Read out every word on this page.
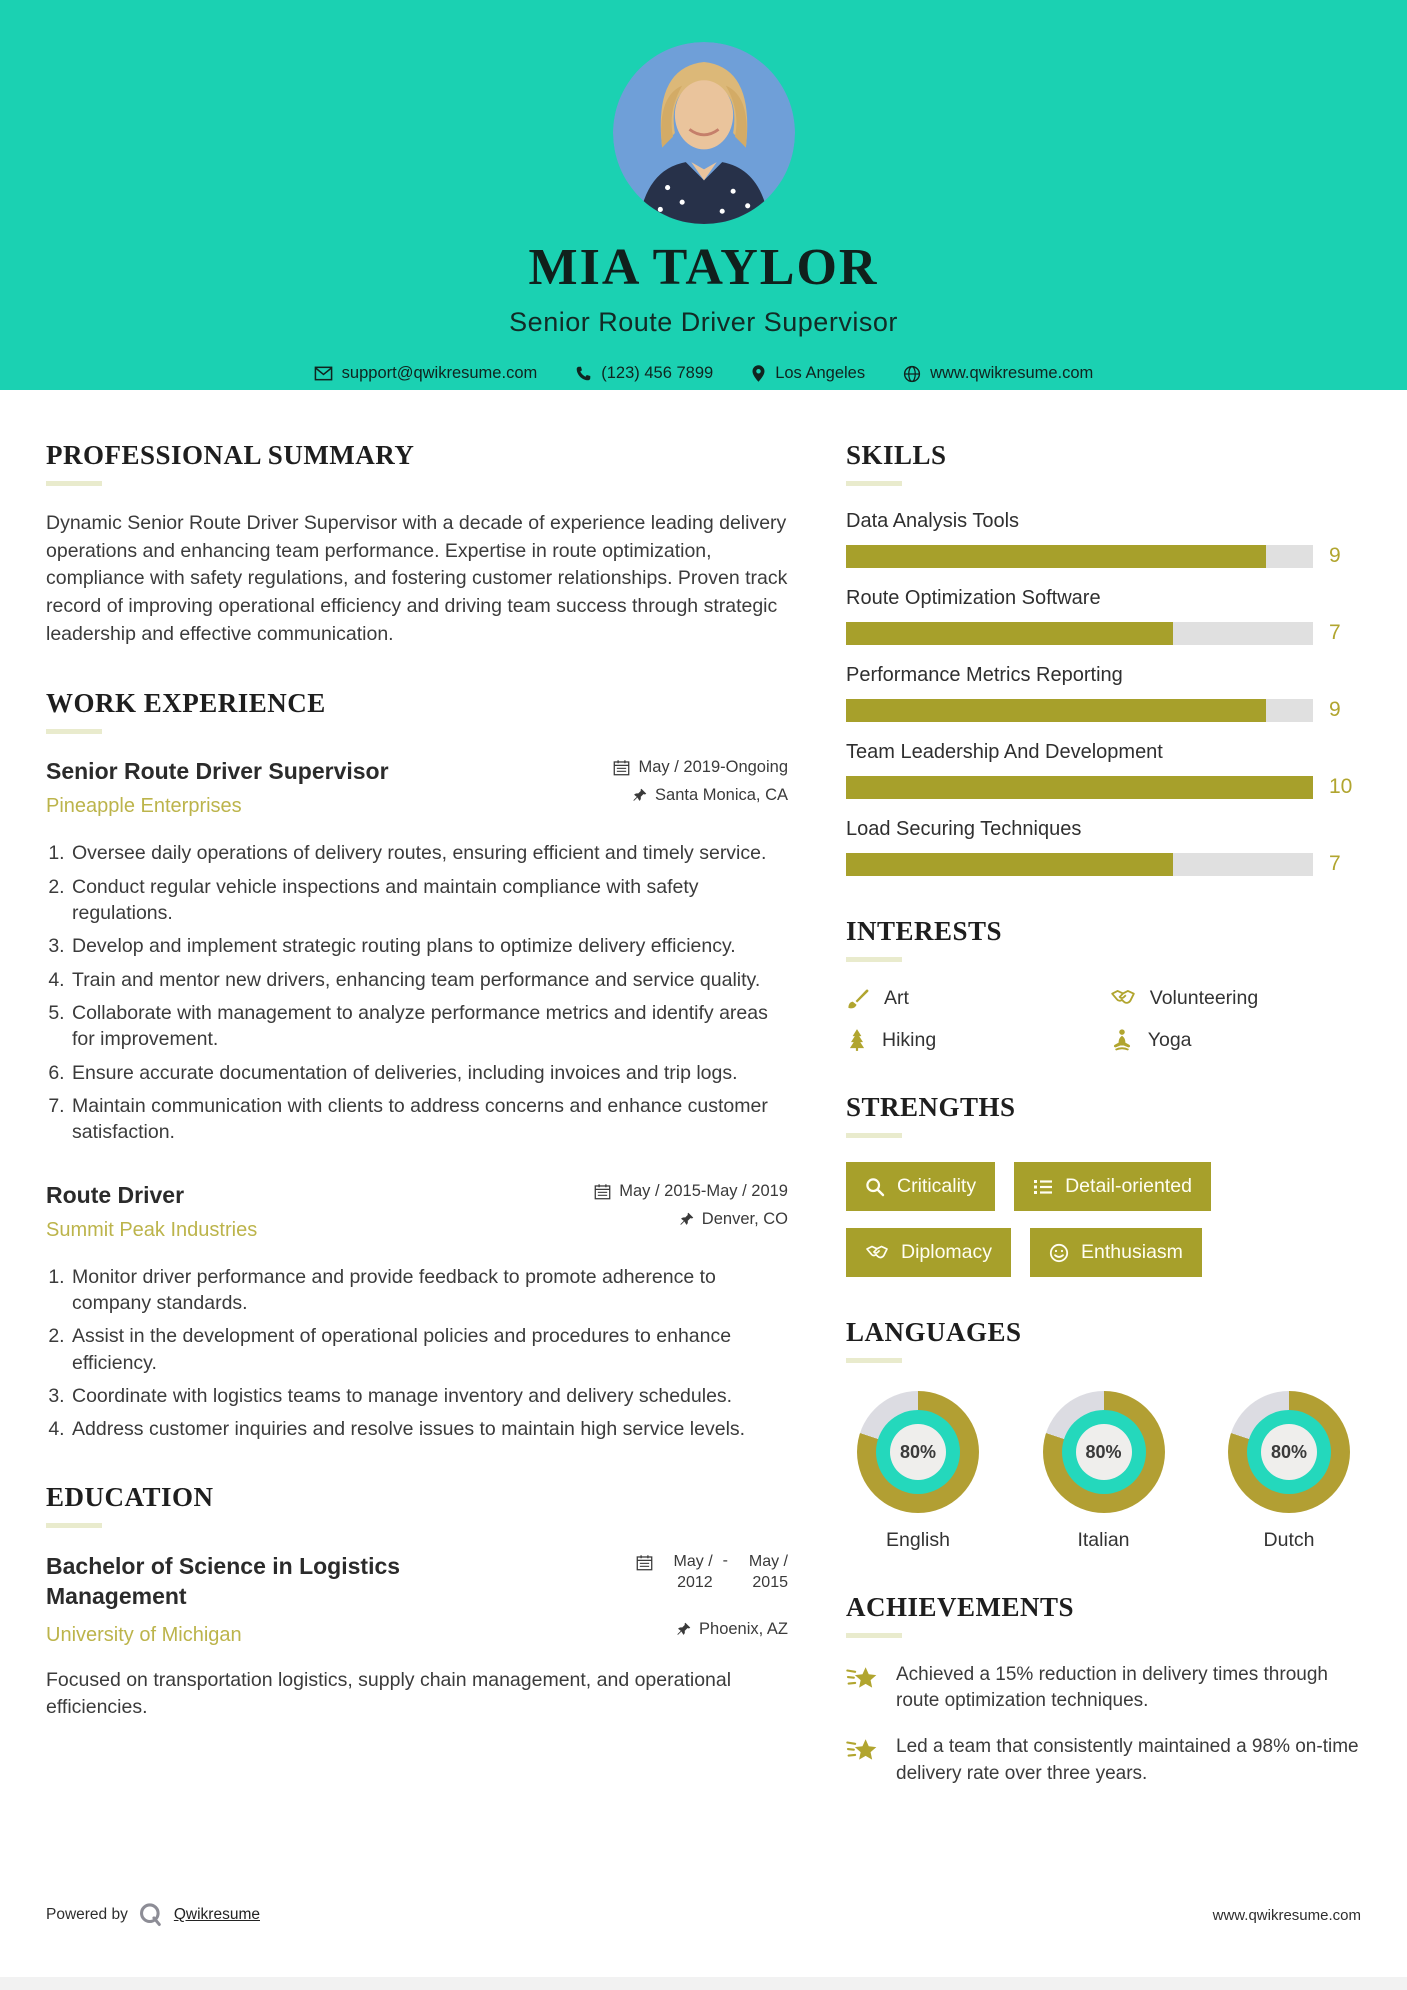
MIA TAYLOR
Senior Route Driver Supervisor
support@qwikresume.com	(123) 456 7899	Los Angeles	www.qwikresume.com
PROFESSIONAL SUMMARY

Dynamic Senior Route Driver Supervisor with a decade of experience leading delivery operations and enhancing team performance. Expertise in route optimization, compliance with safety regulations, and fostering customer relationships. Proven track record of improving operational efficiency and driving team success through strategic leadership and effective communication.

WORK EXPERIENCE
Senior Route Driver Supervisor
Pineapple Enterprises
May / 2019-Ongoing
Santa Monica, CA
1. Oversee daily operations of delivery routes, ensuring efficient and timely service.
2. Conduct regular vehicle inspections and maintain compliance with safety regulations.
3. Develop and implement strategic routing plans to optimize delivery efficiency.
4. Train and mentor new drivers, enhancing team performance and service quality.
5. Collaborate with management to analyze performance metrics and identify areas for improvement.
6. Ensure accurate documentation of deliveries, including invoices and trip logs.
7. Maintain communication with clients to address concerns and enhance customer satisfaction.
Route Driver
Summit Peak Industries
May / 2015-May / 2019
Denver, CO
1. Monitor driver performance and provide feedback to promote adherence to company standards.
2. Assist in the development of operational policies and procedures to enhance efficiency.
3. Coordinate with logistics teams to manage inventory and delivery schedules.
4. Address customer inquiries and resolve issues to maintain high service levels.
EDUCATION
Bachelor of Science in Logistics Management
University of Michigan
May / 2012
-	May / 2015
Phoenix, AZ

Focused on transportation logistics, supply chain management, and operational efficiencies.

SKILLS
Data Analysis Tools
9
Route Optimization Software
7
Performance Metrics Reporting
9
Team Leadership And Development
10
Load Securing Techniques
7
INTERESTS
Art	Volunteering
Hiking	Yoga
STRENGTHS
Criticality	Detail-oriented
Diplomacy	Enthusiasm
LANGUAGES
80%
English
80%
Italian
80%
Dutch
ACHIEVEMENTS
Achieved a 15% reduction in delivery times through route optimization techniques.
Led a team that consistently maintained a 98% on-time delivery rate over three years.
Powered by	Qwikresume	www.qwikresume.com
